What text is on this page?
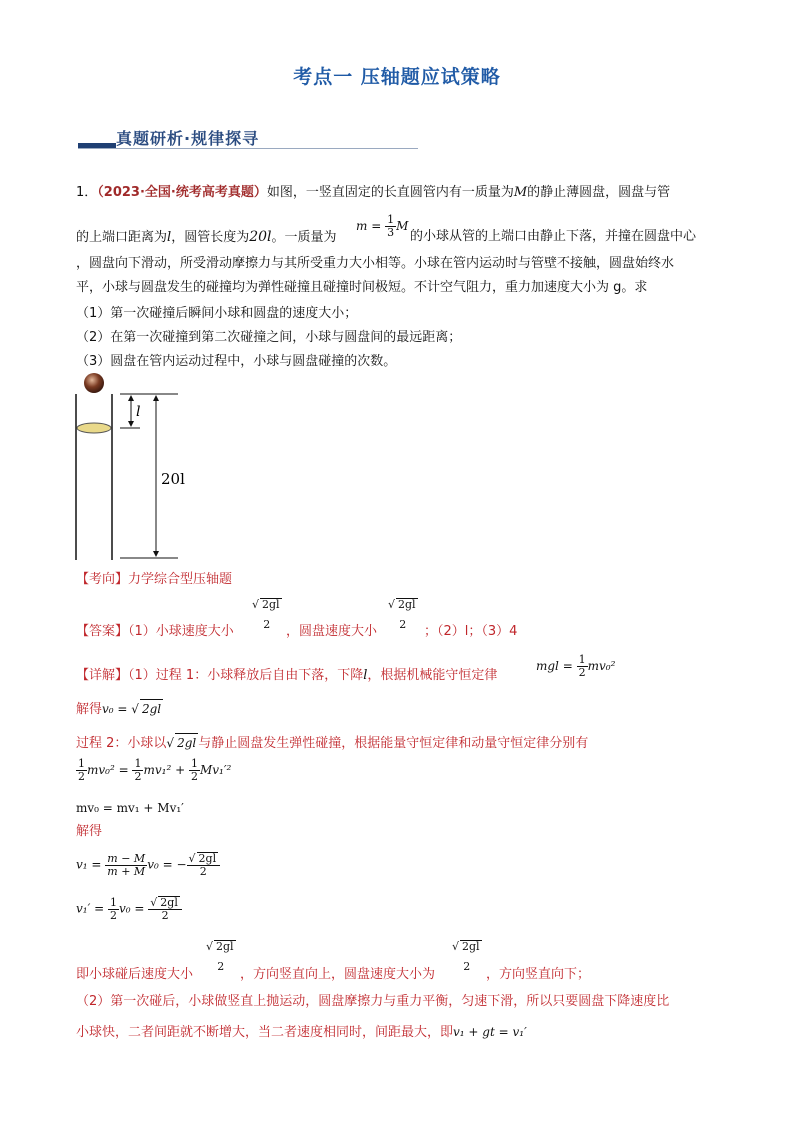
考点一 压轴题应试策略
真题研析·规律探寻
1．（2023·全国·统考高考真题）如图，一竖直固定的长直圆管内有一质量为M的静止薄圆盘，圆盘与管
的上端口距离为l，圆管长度为20l。一质量为
$m = \frac{1}{3}$ M
的小球从管的上端口由静止下落，并撞在圆盘中心
，圆盘向下滑动，所受滑动摩擦力与其所受重力大小相等。小球在管内运动时与管壁不接触，圆盘始终水
平，小球与圆盘发生的碰撞均为弹性碰撞且碰撞时间极短。不计空气阻力，重力加速度大小为 g。求
（1）第一次碰撞后瞬间小球和圆盘的速度大小；
（2）在第一次碰撞到第二次碰撞之间，小球与圆盘间的最远距离；
（3）圆盘在管内运动过程中，小球与圆盘碰撞的次数。
l
20l
【考向】力学综合型压轴题
【答案】（1）小球速度大小
√ 2gl
2	，圆盘速度大小
√ 2gl
2	；（2）l；（3）4
【详解】（1）过程 1：小球释放后自由下落，下降l，根据机械能守恒定律
mgl = $\frac{1}{2} mv_0^2$
解得v₀ = √ 2gl
过程 2：小球以√ 2gl 与静止圆盘发生弹性碰撞，根据能量守恒定律和动量守恒定律分别有
$\frac{1}{2} mv_0^2 = \frac{1}{2} mv_1^2 + \frac{1}{2} Mv_1'^2$
mv₀ = mv₁ + Mv₁′
解得
$v_1 = \frac{m - M}{m + M} v_0$ = − $\frac{√ 2gl}{2}$
$v_1' = \frac{1}{2} v_0 = \frac{√ 2gl}{2}$
即小球碰后速度大小
√ 2gl
2
，方向竖直向上，圆盘速度大小为
√ 2gl
2
，方向竖直向下；
（2）第一次碰后，小球做竖直上抛运动，圆盘摩擦力与重力平衡，匀速下滑，所以只要圆盘下降速度比
小球快，二者间距就不断增大，当二者速度相同时，间距最大，即v₁ + gt = v₁′
